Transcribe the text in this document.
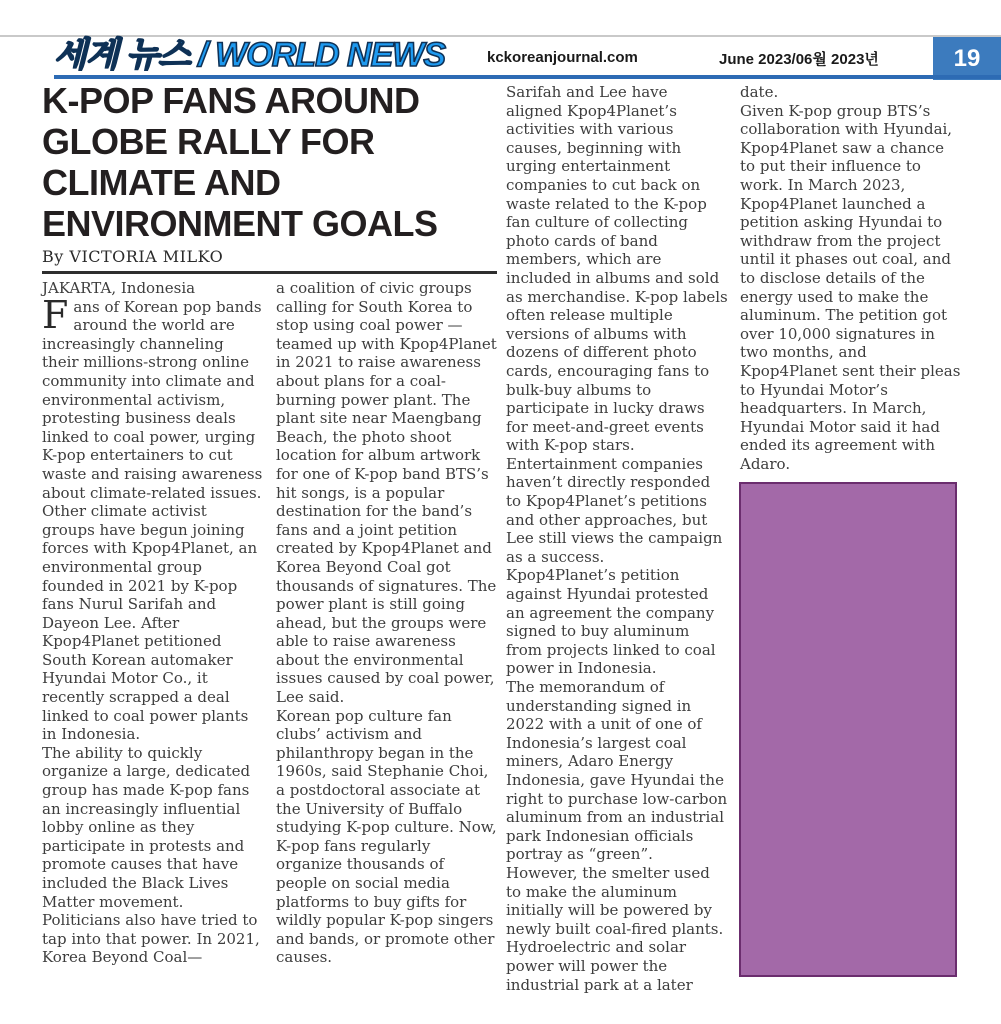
세계 뉴스 / WORLD NEWS	kckoreanjournal.com	June 2023/06월 2023년	19
K-POP FANS AROUND GLOBE RALLY FOR CLIMATE AND ENVIRONMENT GOALS
By VICTORIA MILKO

JAKARTA, Indonesia

Fans of Korean pop bands around the world are increasingly channeling their millions-strong online community into climate and environmental activism, protesting business deals linked to coal power, urging K-pop entertainers to cut waste and raising awareness about climate-related issues. Other climate activist groups have begun joining forces with Kpop4Planet, an environmental group founded in 2021 by K-pop fans Nurul Sarifah and Dayeon Lee. After Kpop4Planet petitioned South Korean automaker Hyundai Motor Co., it recently scrapped a deal linked to coal power plants in Indonesia.

The ability to quickly organize a large, dedicated group has made K-pop fans an increasingly influential lobby online as they participate in protests and promote causes that have included the Black Lives Matter movement. Politicians also have tried to tap into that power. In 2021, Korea Beyond Coal—

a coalition of civic groups calling for South Korea to stop using coal power — teamed up with Kpop4Planet in 2021 to raise awareness about plans for a coal-burning power plant. The plant site near Maengbang Beach, the photo shoot location for album artwork for one of K-pop band BTS’s hit songs, is a popular destination for the band’s fans and a joint petition created by Kpop4Planet and Korea Beyond Coal got thousands of signatures. The power plant is still going ahead, but the groups were able to raise awareness about the environmental issues caused by coal power, Lee said.

Korean pop culture fan clubs’ activism and philanthropy began in the 1960s, said Stephanie Choi, a postdoctoral associate at the University of Buffalo studying K-pop culture. Now, K-pop fans regularly organize thousands of people on social media platforms to buy gifts for wildly popular K-pop singers and bands, or promote other causes.

Sarifah and Lee have aligned Kpop4Planet’s activities with various causes, beginning with urging entertainment companies to cut back on waste related to the K-pop fan culture of collecting photo cards of band members, which are included in albums and sold as merchandise. K-pop labels often release multiple versions of albums with dozens of different photo cards, encouraging fans to bulk-buy albums to participate in lucky draws for meet-and-greet events with K-pop stars.

Entertainment companies haven’t directly responded to Kpop4Planet’s petitions and other approaches, but Lee still views the campaign as a success.

Kpop4Planet’s petition against Hyundai protested an agreement the company signed to buy aluminum from projects linked to coal power in Indonesia.

The memorandum of understanding signed in 2022 with a unit of one of Indonesia’s largest coal miners, Adaro Energy Indonesia, gave Hyundai the right to purchase low-carbon aluminum from an industrial park Indonesian officials portray as “green”. However, the smelter used to make the aluminum initially will be powered by newly built coal-fired plants. Hydroelectric and solar power will power the industrial park at a later

date.

Given K-pop group BTS’s collaboration with Hyundai, Kpop4Planet saw a chance to put their influence to work. In March 2023, Kpop4Planet launched a petition asking Hyundai to withdraw from the project until it phases out coal, and to disclose details of the energy used to make the aluminum. The petition got over 10,000 signatures in two months, and Kpop4Planet sent their pleas to Hyundai Motor’s headquarters. In March, Hyundai Motor said it had ended its agreement with Adaro.
